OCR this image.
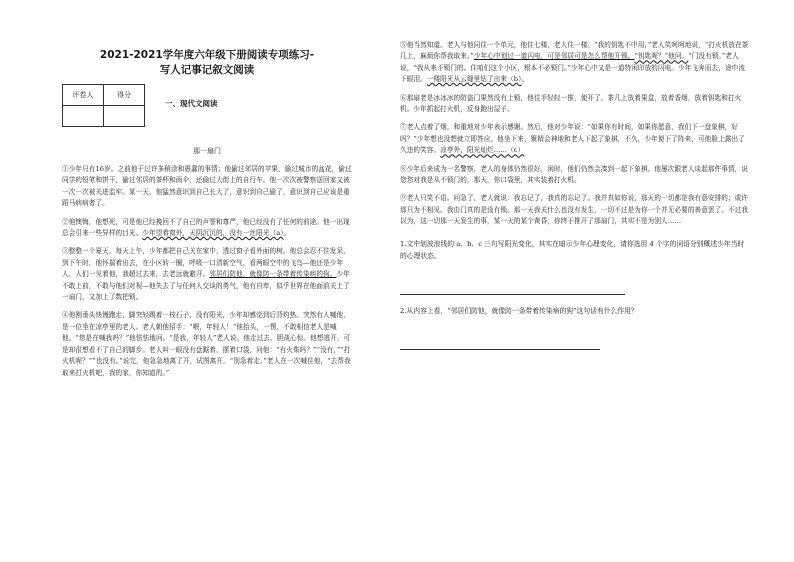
2021-2021学年度六年级下册阅读专项练习-

写人记事记叙文阅读

评卷人	得分

一、现代文阅读
那一扇门

①少年只有16岁。之前他干过许多稍涂和愚蠢的事情；他偷过邻居的苹果，偷过城市的盆花，偷过同学的铅笔和饼干，偷过邻居的茶杯和雨伞，还偷过大街上的自行车。他一次次被警察送回家又被一次一次被关进监牢。某一天，他猛然意识到自己长大了，意识到自己偷了，意识到自己应该是重蹈马病病者了。

②他懊悔，他想死，可是他已经挽回不了自己的声誉和尊严，他已经没有了任何的前途。他一出现总会引来一些异样的目光。少年望着窗外，天阴沉沉的，没有一丝阳光（a）。

③整整一个夏天，每天上午，少年都把自己关在家中，透过窗子看外面的树。他总会忍不住发呆，到下午时，他怀揣着出去，在小区转一圈，呼吸一口清新空气，看两眼空中的飞鸟—他还是少年人，人们一见着他，我超过去来，去老远就避开。邻居们防他，就像防一条带着传染病的狗。少年不敢上前，不敢与他们对视—他失去了与任何人交谈的勇气，他有自卑，似乎世界在他面前关上了一扇门，又加上了数把锁。

④他刚垂头快慢跑走，脚突轻踢着一枝石子。没有阳光，少年却感觉到后背灼热。突然有人喊他，是一位坐在凉亭里的老人。老人朝他招手：“喂，年轻人！”他抬头，一愣，不敢相信老人是喊他。“您是在喊我吗？”他怯怯地问。“是我，年轻人”老人说。他走过去，胆战心惊。他想逃开，可是却很想看不了自己的脚步。老人叫一眼没有盘踞着，摆着口袋，问他：“有火柴吗？”“没有，”“打火机呢？”“也没有。”说完，他急急地离了开，试图离开。“别急着走。”老人在一次喊住他，“去帮我取来打火机吧，我的家，你知道的。”

⑤他当然知道。老人与他同住一个单元，他住七楼，老人住一楼。“我的钥匙不中用，”老人笑呵呵地说，“打火机放在茶几上，麻烦你帮我取来。”少年心中划过一道闪电，可是邻居可是怎么帮他开锁。“钥匙呢？”他问。“门没有锁。”老人说，“我从来不锁门的。住咱们这个小区，根本不必锁门。”少年心中又是一道特闲印放的闪电。少年飞奔而去，途中流下眼泪。一楼阳光从云缝里钻了出来（b）。

⑥那扇老是冰冰冰的防盗门果然没有上锁，他往手轻轻一推，便开了。茶几上放着果盒，放着香烟，放着钥匙和打火机。少年抓起打火机，反身跑出屋子。

⑦老人点着了烟，和重地对少年表示感谢。然后，他对少年说：“如果你有时间，如果你愿意，我们下一盘象棋，好吗？”少年想也没想就立即答应。他坐下来，聚精会神地和老人下起了象棋，不久，少年便下了阵来，可他脸上露出了久违的笑容。凉亭外，阳光灿烂……（c）

⑧少年后来成为一名警察，老人的身体仍然很好，闲时，他们仍然会凑到一起下象棋。他屡次跟老人谈起那件事情，说您您对我是从不锁门的，那天，你口袋里，其实装着打火机。

⑨老人只笑不语。问急了，老人就说：我忘记了，我真的忘记了。我并真如你说，那天的一切都是我有意安排的；或许那只为不相见。我由门真的是没有锁。那一天我关什么也没有发生，一切不过是为你一个并无必要的善意罢了。不过我以为，这一切那一天发生的事，某一天的某个黄昏，你终于推开了那扇门，其实不是为别人……

1.文中划波浪线的 a、b、c 三句写阳光变化，其实在暗示少年心理变化，请你选用 4 个字的词语分别概述少年当时的心理状态。

2.从内容上看，“邻居们防他，就像防一条带着传染病的狗”这句话有什么作用？
